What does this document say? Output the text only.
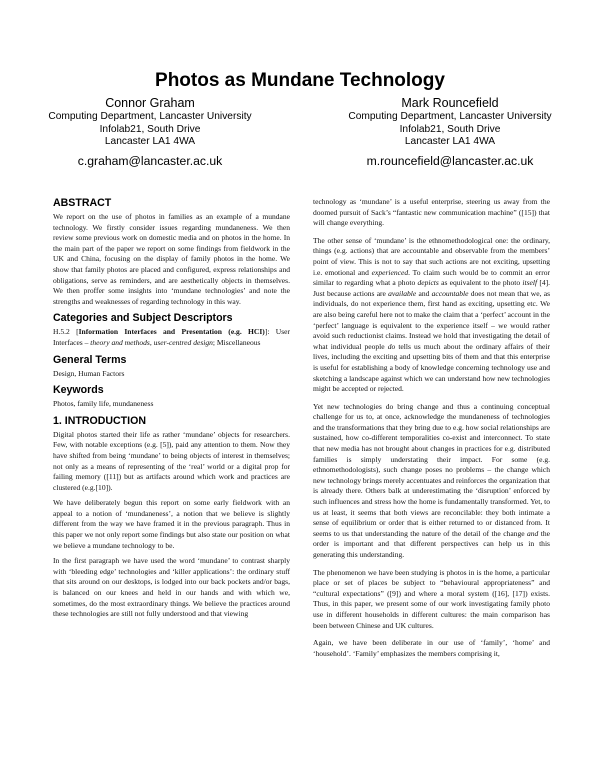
Photos as Mundane Technology
Connor Graham
Computing Department, Lancaster University
Infolab21, South Drive
Lancaster LA1 4WA
c.graham@lancaster.ac.uk
Mark Rouncefield
Computing Department, Lancaster University
Infolab21, South Drive
Lancaster LA1 4WA
m.rouncefield@lancaster.ac.uk
ABSTRACT

We report on the use of photos in families as an example of a mundane technology. We firstly consider issues regarding mundaneness. We then review some previous work on domestic media and on photos in the home. In the main part of the paper we report on some findings from fieldwork in the UK and China, focusing on the display of family photos in the home. We show that family photos are placed and configured, express relationships and obligations, serve as reminders, and are aesthetically objects in themselves. We then proffer some insights into ‘mundane technologies’ and note the strengths and weaknesses of regarding technology in this way.

Categories and Subject Descriptors

H.5.2 [Information Interfaces and Presentation (e.g. HCI)]: User Interfaces – theory and methods, user-centred design; Miscellaneous

General Terms

Design, Human Factors

Keywords

Photos, family life, mundaneness

1. INTRODUCTION

Digital photos started their life as rather ‘mundane’ objects for researchers. Few, with notable exceptions (e.g. [5]), paid any attention to them. Now they have shifted from being ‘mundane’ to being objects of interest in themselves; not only as a means of representing of the ‘real’ world or a digital prop for failing memory ([11]) but as artifacts around which work and practices are clustered (e.g.[10]).

We have deliberately begun this report on some early fieldwork with an appeal to a notion of ‘mundaneness’, a notion that we believe is slightly different from the way we have framed it in the previous paragraph. Thus in this paper we not only report some findings but also state our position on what we believe a mundane technology to be.

In the first paragraph we have used the word ‘mundane’ to contrast sharply with ‘bleeding edge’ technologies and ‘killer applications’: the ordinary stuff that sits around on our desktops, is lodged into our back pockets and/or bags, is balanced on our knees and held in our hands and with which we, sometimes, do the most extraordinary things. We believe the practices around these technologies are still not fully understood and that viewing

technology as ‘mundane’ is a useful enterprise, steering us away from the doomed pursuit of Sack’s “fantastic new communication machine” ([15]) that will change everything.

The other sense of ‘mundane’ is the ethnomethodological one: the ordinary, things (e.g. actions) that are accountable and observable from the members’ point of view. This is not to say that such actions are not exciting, upsetting i.e. emotional and experienced. To claim such would be to commit an error similar to regarding what a photo depicts as equivalent to the photo itself [4]. Just because actions are available and accountable does not mean that we, as individuals, do not experience them, first hand as exciting, upsetting etc. We are also being careful here not to make the claim that a ‘perfect’ account in the ‘perfect’ language is equivalent to the experience itself – we would rather avoid such reductionist claims. Instead we hold that investigating the detail of what individual people do tells us much about the ordinary affairs of their lives, including the exciting and upsetting bits of them and that this enterprise is useful for establishing a body of knowledge concerning technology use and sketching a landscape against which we can understand how new technologies might be accepted or rejected.

Yet new technologies do bring change and thus a continuing conceptual challenge for us to, at once, acknowledge the mundaneness of technologies and the transformations that they bring due to e.g. how social relationships are sustained, how co-different temporalities co-exist and interconnect. To state that new media has not brought about changes in practices for e.g. distributed families is simply understating their impact. For some (e.g. ethnomethodologists), such change poses no problems – the change which new technology brings merely accentuates and reinforces the organization that is already there. Others balk at underestimating the ‘disruption’ enforced by such influences and stress how the home is fundamentally transformed. Yet, to us at least, it seems that both views are reconcilable: they both intimate a sense of equilibrium or order that is either returned to or distanced from. It seems to us that understanding the nature of the detail of the change and the order is important and that different perspectives can help us in this generating this understanding.

The phenomenon we have been studying is photos in is the home, a particular place or set of places be subject to “behavioural appropriateness” and “cultural expectations” ([9]) and where a moral system ([16], [17]) exists. Thus, in this paper, we present some of our work investigating family photo use in different households in different cultures: the main comparison has been between Chinese and UK cultures.

Again, we have been deliberate in our use of ‘family’, ‘home’ and ‘household’. ‘Family’ emphasizes the members comprising it,
